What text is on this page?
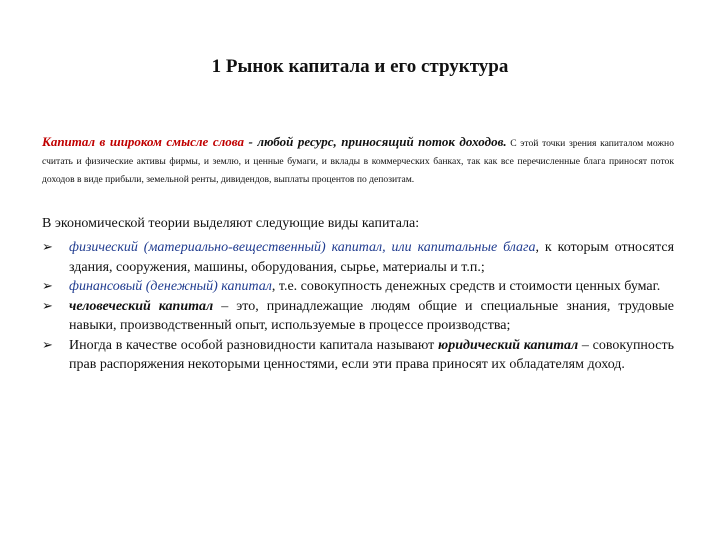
1 Рынок капитала и его структура

Капитал в широком смысле слова - любой ресурс, приносящий поток доходов. С этой точки зрения капиталом можно считать и физические активы фирмы, и землю, и ценные бумаги, и вклады в коммерческих банках, так как все перечисленные блага приносят поток доходов в виде прибыли, земельной ренты, дивидендов, выплаты процентов по депозитам.

В экономической теории выделяют следующие виды капитала:
➢ физический (материально-вещественный) капитал, или капитальные блага, к которым относятся здания, сооружения, машины, оборудования, сырье, материалы и т.п.;
➢ финансовый (денежный) капитал, т.е. совокупность денежных средств и стоимости ценных бумаг.
➢ человеческий капитал – это, принадлежащие людям общие и специальные знания, трудовые навыки, производственный опыт, используемые в процессе производства;
➢ Иногда в качестве особой разновидности капитала называют юридический капитал – совокупность прав распоряжения некоторыми ценностями, если эти права приносят их обладателям доход.
